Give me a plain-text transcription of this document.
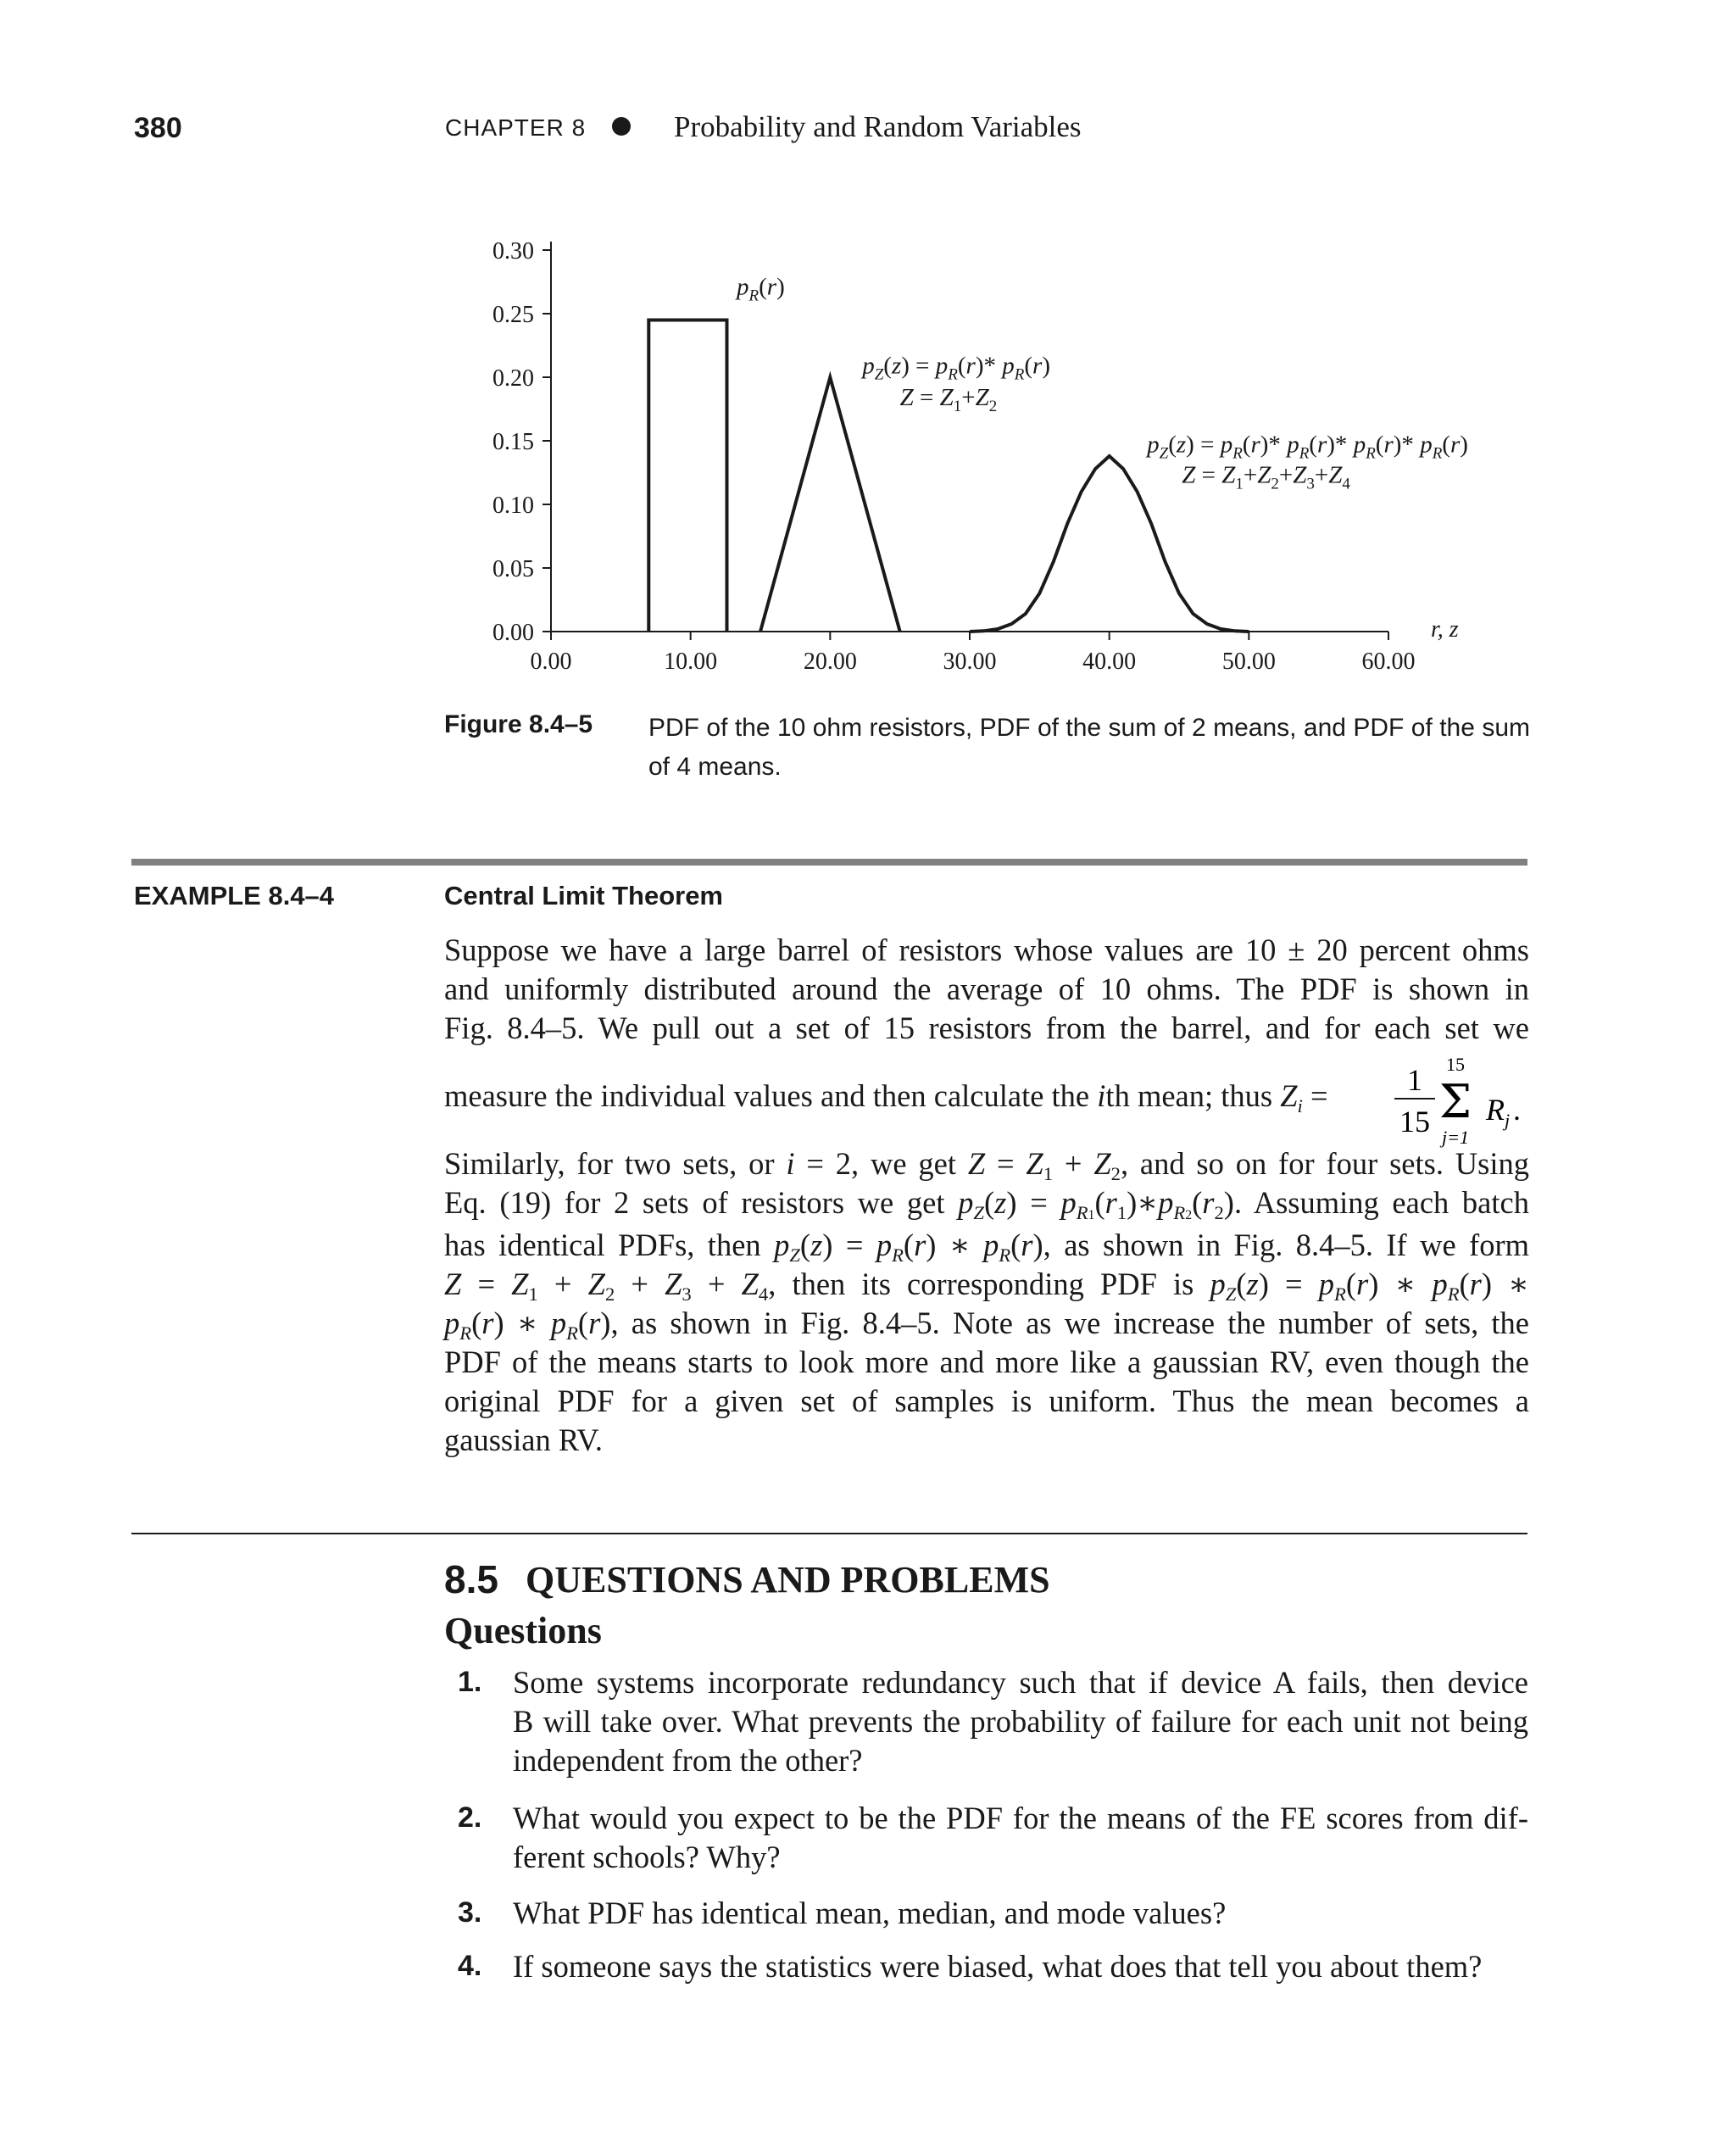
380	CHAPTER 8	Probability and Random Variables
0.00
0.05
0.10
0.15
0.20
0.25
0.30
0.00	10.00	20.00	30.00	40.00	50.00	60.00
r, z
$p_R(r)$
$p_Z(z) = p_R(r)*$ $p_R(r)$
$Z = Z_1+Z_2$
$p_Z(z) = p_R(r)*$ $p_R(r)*$ $p_R(r)*$ $p_R(r)$
$Z = Z_1+Z_2+Z_3+Z_4$
Figure 8.4–5 PDF of the 10 ohm resistors, PDF of the sum of 2 means, and PDF of the sum of 4 means.
EXAMPLE 8.4–4	Central Limit Theorem
Suppose we have a large barrel of resistors whose values are 10 ± 20 percent ohms
and uniformly distributed around the average of 10 ohms. The PDF is shown in
Fig. 8.4–5. We pull out a set of 15 resistors from the barrel, and for each set we
measure the individual values and then calculate the ith mean; thus $Z_i$ =	1
15
15
Σ
j=1
R j .
Similarly, for two sets, or i = 2, we get $Z = Z_1 + Z_2$, and so on for four sets. Using
Eq. (19) for 2 sets of resistors we get $p_Z(z)$ = $p_{R1}(r_1)∗p_{R2}(r_2)$. Assuming each batch
has identical PDFs, then $p_Z(z) = p_R(r)$ ∗ $p_R(r)$, as shown in Fig. 8.4–5. If we form
$Z = Z_1 + Z_2 + Z_3 + Z_4$, then its corresponding PDF is $p_Z(z) = p_R(r)$ ∗ $p_R(r)$ ∗
$p_R(r)$ ∗ $p_R(r)$, as shown in Fig. 8.4–5. Note as we increase the number of sets, the
PDF of the means starts to look more and more like a gaussian RV, even though the
original PDF for a given set of samples is uniform. Thus the mean becomes a
gaussian RV.
8.5 QUESTIONS AND PROBLEMS
Questions
1. Some systems incorporate redundancy such that if device A fails, then device
B will take over. What prevents the probability of failure for each unit not being
independent from the other?
2. What would you expect to be the PDF for the means of the FE scores from dif-
ferent schools? Why?
3. What PDF has identical mean, median, and mode values?
4. If someone says the statistics were biased, what does that tell you about them?
